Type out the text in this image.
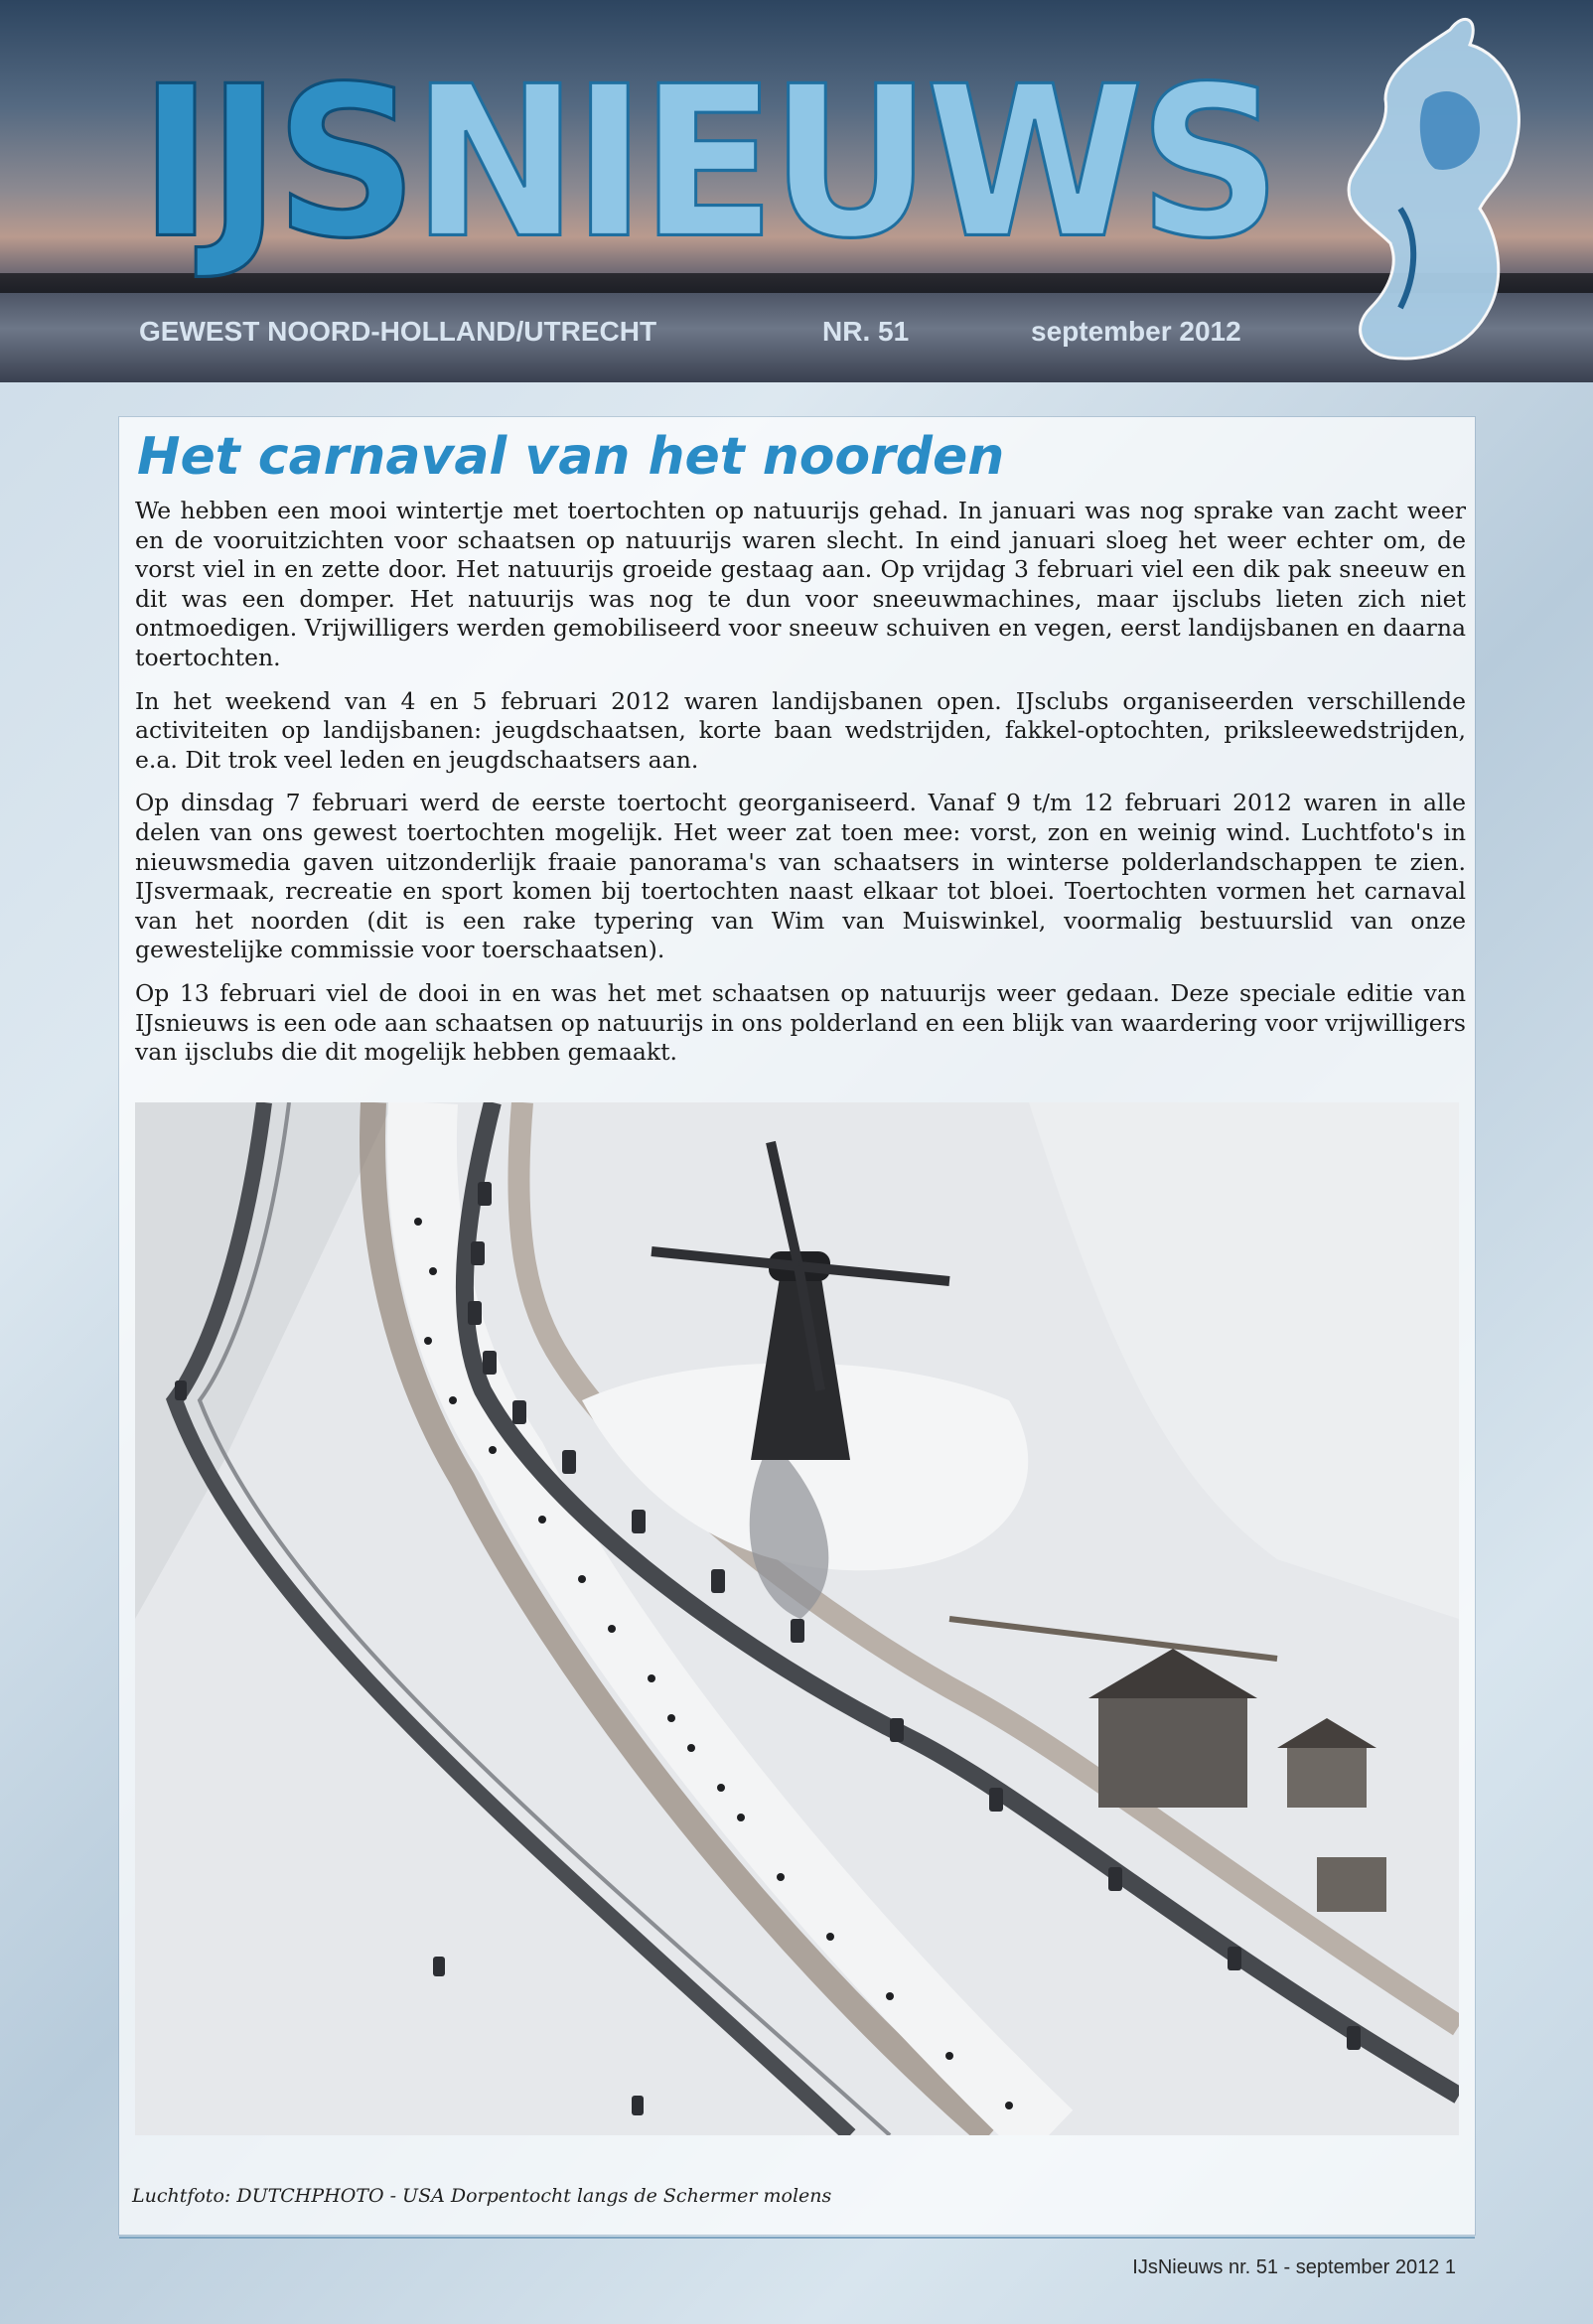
IJSNIEUWS
GEWEST NOORD-HOLLAND/UTRECHT	NR. 51	september 2012
Het carnaval van het noorden

We hebben een mooi wintertje met toertochten op natuurijs gehad. In januari was nog sprake van zacht weer en de vooruitzichten voor schaatsen op natuurijs waren slecht. In eind januari sloeg het weer echter om, de vorst viel in en zette door. Het natuurijs groeide gestaag aan. Op vrijdag 3 februari viel een dik pak sneeuw en dit was een domper. Het natuurijs was nog te dun voor sneeuwmachines, maar ijsclubs lieten zich niet ontmoedigen. Vrijwilligers werden gemobiliseerd voor sneeuw schuiven en vegen, eerst landijsbanen en daarna toertochten.

In het weekend van 4 en 5 februari 2012 waren landijsbanen open. IJsclubs organiseerden verschillende activiteiten op landijsbanen: jeugdschaatsen, korte baan wedstrijden, fakkel-optochten, priksleewedstrijden, e.a. Dit trok veel leden en jeugdschaatsers aan.

Op dinsdag 7 februari werd de eerste toertocht georganiseerd. Vanaf 9 t/m 12 februari 2012 waren in alle delen van ons gewest toertochten mogelijk. Het weer zat toen mee: vorst, zon en weinig wind. Luchtfoto's in nieuwsmedia gaven uitzonderlijk fraaie panorama's van schaatsers in winterse polderlandschappen te zien. IJsvermaak, recreatie en sport komen bij toertochten naast elkaar tot bloei. Toertochten vormen het carnaval van het noorden (dit is een rake typering van Wim van Muiswinkel, voormalig bestuurslid van onze gewestelijke commissie voor toerschaatsen).

Op 13 februari viel de dooi in en was het met schaatsen op natuurijs weer gedaan. Deze speciale editie van IJsnieuws is een ode aan schaatsen op natuurijs in ons polderland en een blijk van waardering voor vrijwilligers van ijsclubs die dit mogelijk hebben gemaakt.

Luchtfoto: DUTCHPHOTO - USA Dorpentocht langs de Schermer molens
IJsNieuws nr. 51 - september 2012 1
